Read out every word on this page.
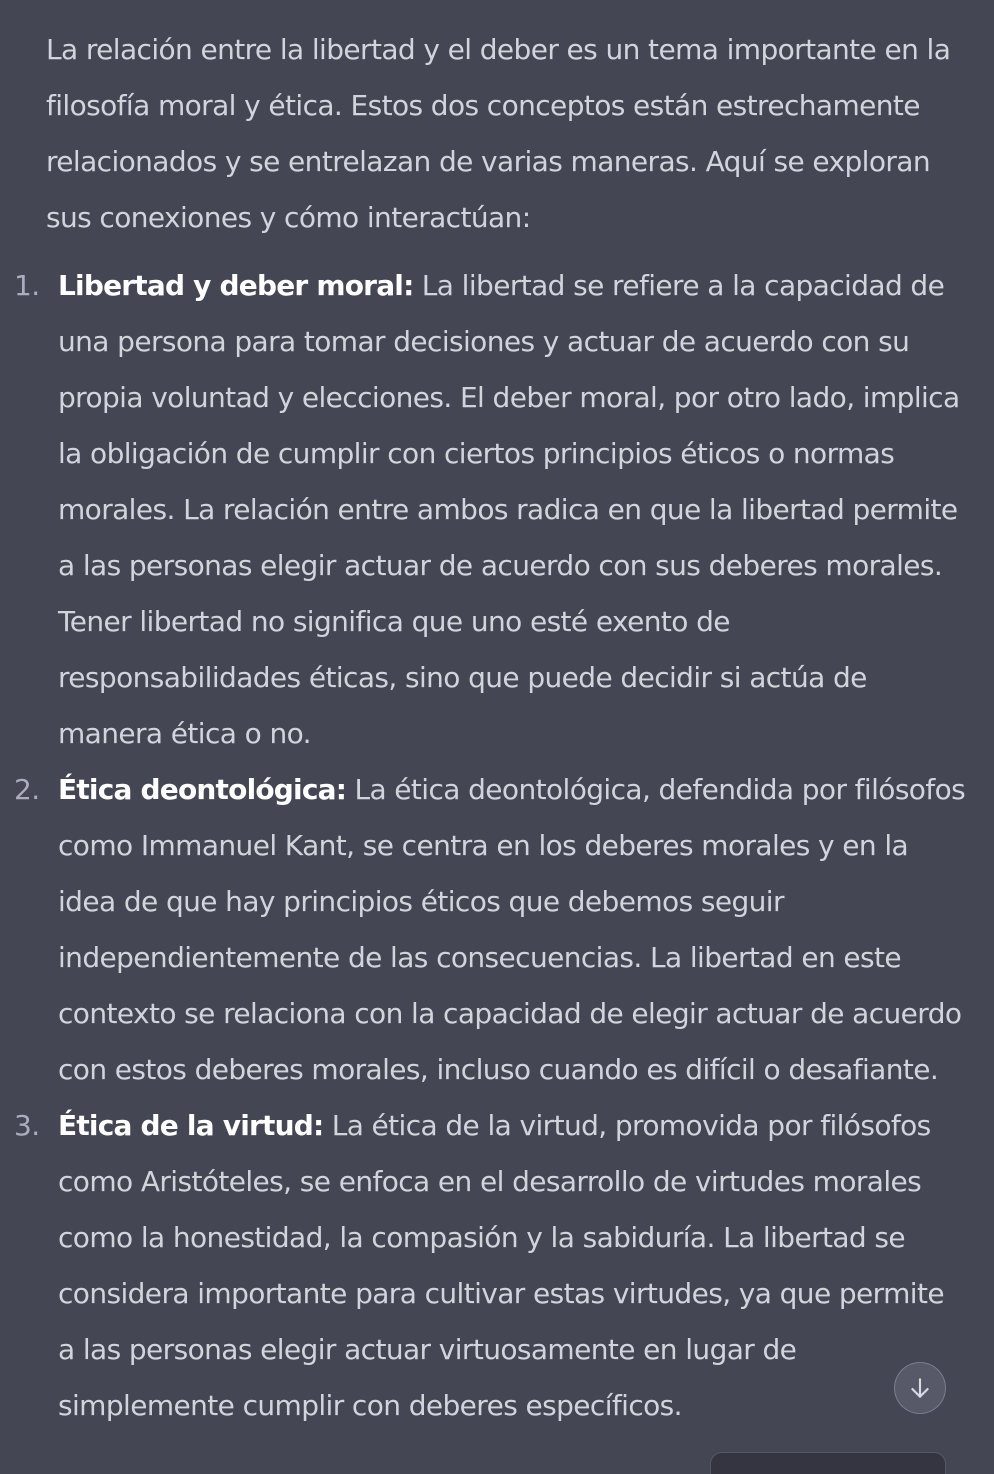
La relación entre la libertad y el deber es un tema importante en la filosofía moral y ética. Estos dos conceptos están estrechamente relacionados y se entrelazan de varias maneras. Aquí se exploran sus conexiones y cómo interactúan:

1. Libertad y deber moral: La libertad se refiere a la capacidad de una persona para tomar decisiones y actuar de acuerdo con su propia voluntad y elecciones. El deber moral, por otro lado, implica la obligación de cumplir con ciertos principios éticos o normas morales. La relación entre ambos radica en que la libertad permite a las personas elegir actuar de acuerdo con sus deberes morales. Tener libertad no significa que uno esté exento de responsabilidades éticas, sino que puede decidir si actúa de manera ética o no.
2. Ética deontológica: La ética deontológica, defendida por filósofos como Immanuel Kant, se centra en los deberes morales y en la idea de que hay principios éticos que debemos seguir independientemente de las consecuencias. La libertad en este contexto se relaciona con la capacidad de elegir actuar de acuerdo con estos deberes morales, incluso cuando es difícil o desafiante.
3. Ética de la virtud: La ética de la virtud, promovida por filósofos como Aristóteles, se enfoca en el desarrollo de virtudes morales como la honestidad, la compasión y la sabiduría. La libertad se considera importante para cultivar estas virtudes, ya que permite a las personas elegir actuar virtuosamente en lugar de simplemente cumplir con deberes específicos.
